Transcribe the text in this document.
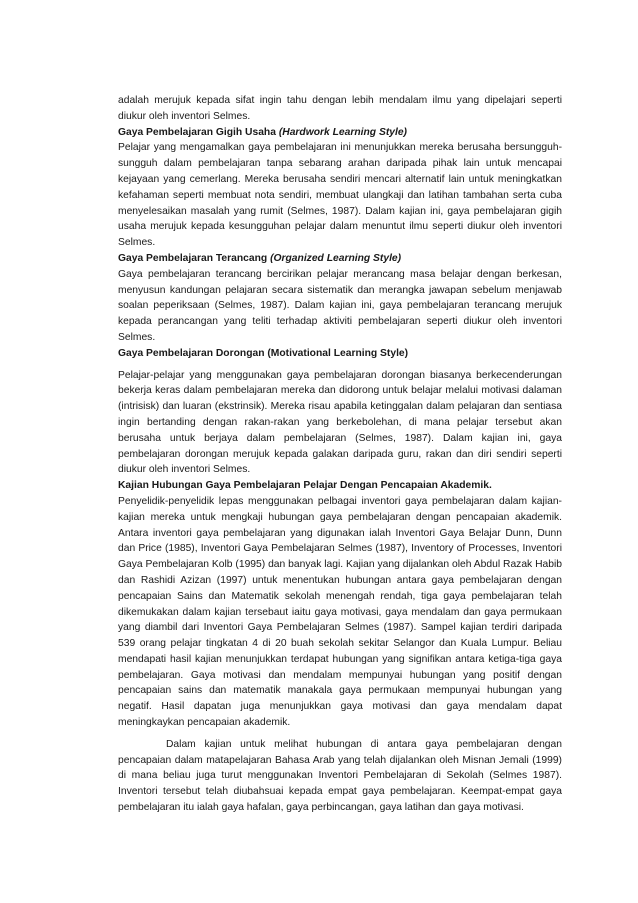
adalah merujuk kepada sifat ingin tahu dengan lebih mendalam ilmu yang dipelajari seperti diukur oleh inventori Selmes.

Gaya Pembelajaran Gigih Usaha (Hardwork Learning Style)

Pelajar yang mengamalkan gaya pembelajaran ini menunjukkan mereka berusaha bersungguh-sungguh dalam pembelajaran tanpa sebarang arahan daripada pihak lain untuk mencapai kejayaan yang cemerlang. Mereka berusaha sendiri mencari alternatif lain untuk meningkatkan kefahaman seperti membuat nota sendiri, membuat ulangkaji dan latihan tambahan serta cuba menyelesaikan masalah yang rumit (Selmes, 1987). Dalam kajian ini, gaya pembelajaran gigih usaha merujuk kepada kesungguhan pelajar dalam menuntut ilmu seperti diukur oleh inventori Selmes.

Gaya Pembelajaran Terancang (Organized Learning Style)

Gaya pembelajaran terancang bercirikan pelajar merancang masa belajar dengan berkesan, menyusun kandungan pelajaran secara sistematik dan merangka jawapan sebelum menjawab soalan peperiksaan (Selmes, 1987). Dalam kajian ini, gaya pembelajaran terancang merujuk kepada perancangan yang teliti terhadap aktiviti pembelajaran seperti diukur oleh inventori Selmes.

Gaya Pembelajaran Dorongan (Motivational Learning Style)

Pelajar-pelajar yang menggunakan gaya pembelajaran dorongan biasanya berkecenderungan bekerja keras dalam pembelajaran mereka dan didorong untuk belajar melalui motivasi dalaman (intrisisk) dan luaran (ekstrinsik). Mereka risau apabila ketinggalan dalam pelajaran dan sentiasa ingin bertanding dengan rakan-rakan yang berkebolehan, di mana pelajar tersebut akan berusaha untuk berjaya dalam pembelajaran (Selmes, 1987). Dalam kajian ini, gaya pembelajaran dorongan merujuk kepada galakan daripada guru, rakan dan diri sendiri seperti diukur oleh inventori Selmes.

Kajian Hubungan Gaya Pembelajaran Pelajar Dengan Pencapaian Akademik.

Penyelidik-penyelidik lepas menggunakan pelbagai inventori gaya pembelajaran dalam kajian-kajian mereka untuk mengkaji hubungan gaya pembelajaran dengan pencapaian akademik. Antara inventori gaya pembelajaran yang digunakan ialah Inventori Gaya Belajar Dunn, Dunn dan Price (1985), Inventori Gaya Pembelajaran Selmes (1987), Inventory of Processes, Inventori Gaya Pembelajaran Kolb (1995) dan banyak lagi. Kajian yang dijalankan oleh Abdul Razak Habib dan Rashidi Azizan (1997) untuk menentukan hubungan antara gaya pembelajaran dengan pencapaian Sains dan Matematik sekolah menengah rendah, tiga gaya pembelajaran telah dikemukakan dalam kajian tersebaut iaitu gaya motivasi, gaya mendalam dan gaya permukaan yang diambil dari Inventori Gaya Pembelajaran Selmes (1987). Sampel kajian terdiri daripada 539 orang pelajar tingkatan 4 di 20 buah sekolah sekitar Selangor dan Kuala Lumpur. Beliau mendapati hasil kajian menunjukkan terdapat hubungan yang signifikan antara ketiga-tiga gaya pembelajaran. Gaya motivasi dan mendalam mempunyai hubungan yang positif dengan pencapaian sains dan matematik manakala gaya permukaan mempunyai hubungan yang negatif. Hasil dapatan juga menunjukkan gaya motivasi dan gaya mendalam dapat meningkaykan pencapaian akademik.

Dalam kajian untuk melihat hubungan di antara gaya pembelajaran dengan pencapaian dalam matapelajaran Bahasa Arab yang telah dijalankan oleh Misnan Jemali (1999) di mana beliau juga turut menggunakan Inventori Pembelajaran di Sekolah (Selmes 1987). Inventori tersebut telah diubahsuai kepada empat gaya pembelajaran. Keempat-empat gaya pembelajaran itu ialah gaya hafalan, gaya perbincangan, gaya latihan dan gaya motivasi.
